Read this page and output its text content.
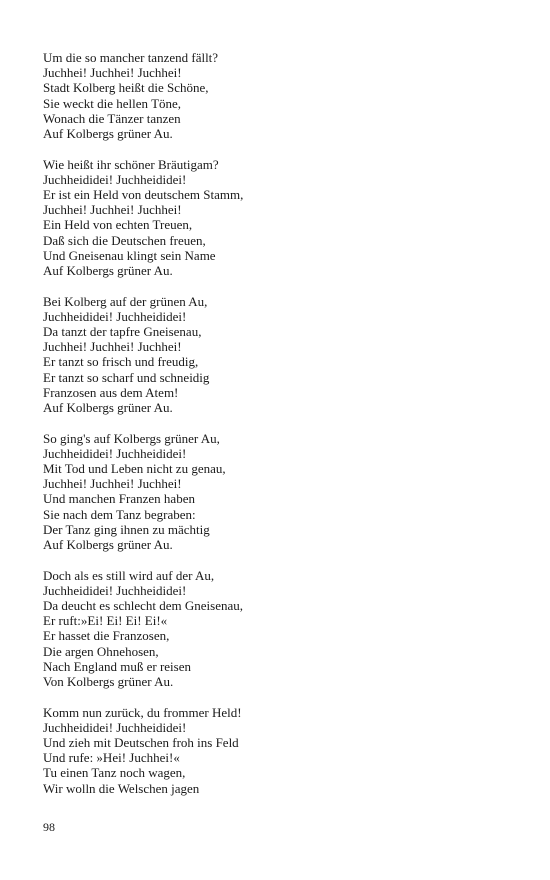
Um die so mancher tanzend fällt?
Juchhei! Juchhei! Juchhei!
Stadt Kolberg heißt die Schöne,
Sie weckt die hellen Töne,
Wonach die Tänzer tanzen
Auf Kolbergs grüner Au.
Wie heißt ihr schöner Bräutigam?
Juchheididei! Juchheididei!
Er ist ein Held von deutschem Stamm,
Juchhei! Juchhei! Juchhei!
Ein Held von echten Treuen,
Daß sich die Deutschen freuen,
Und Gneisenau klingt sein Name
Auf Kolbergs grüner Au.
Bei Kolberg auf der grünen Au,
Juchheididei! Juchheididei!
Da tanzt der tapfre Gneisenau,
Juchhei! Juchhei! Juchhei!
Er tanzt so frisch und freudig,
Er tanzt so scharf und schneidig
Franzosen aus dem Atem!
Auf Kolbergs grüner Au.
So ging's auf Kolbergs grüner Au,
Juchheididei! Juchheididei!
Mit Tod und Leben nicht zu genau,
Juchhei! Juchhei! Juchhei!
Und manchen Franzen haben
Sie nach dem Tanz begraben:
Der Tanz ging ihnen zu mächtig
Auf Kolbergs grüner Au.
Doch als es still wird auf der Au,
Juchheididei! Juchheididei!
Da deucht es schlecht dem Gneisenau,
Er ruft:»Ei! Ei! Ei! Ei!«
Er hasset die Franzosen,
Die argen Ohnehosen,
Nach England muß er reisen
Von Kolbergs grüner Au.
Komm nun zurück, du frommer Held!
Juchheididei! Juchheididei!
Und zieh mit Deutschen froh ins Feld
Und rufe: »Hei! Juchhei!«
Tu einen Tanz noch wagen,
Wir wolln die Welschen jagen
98
